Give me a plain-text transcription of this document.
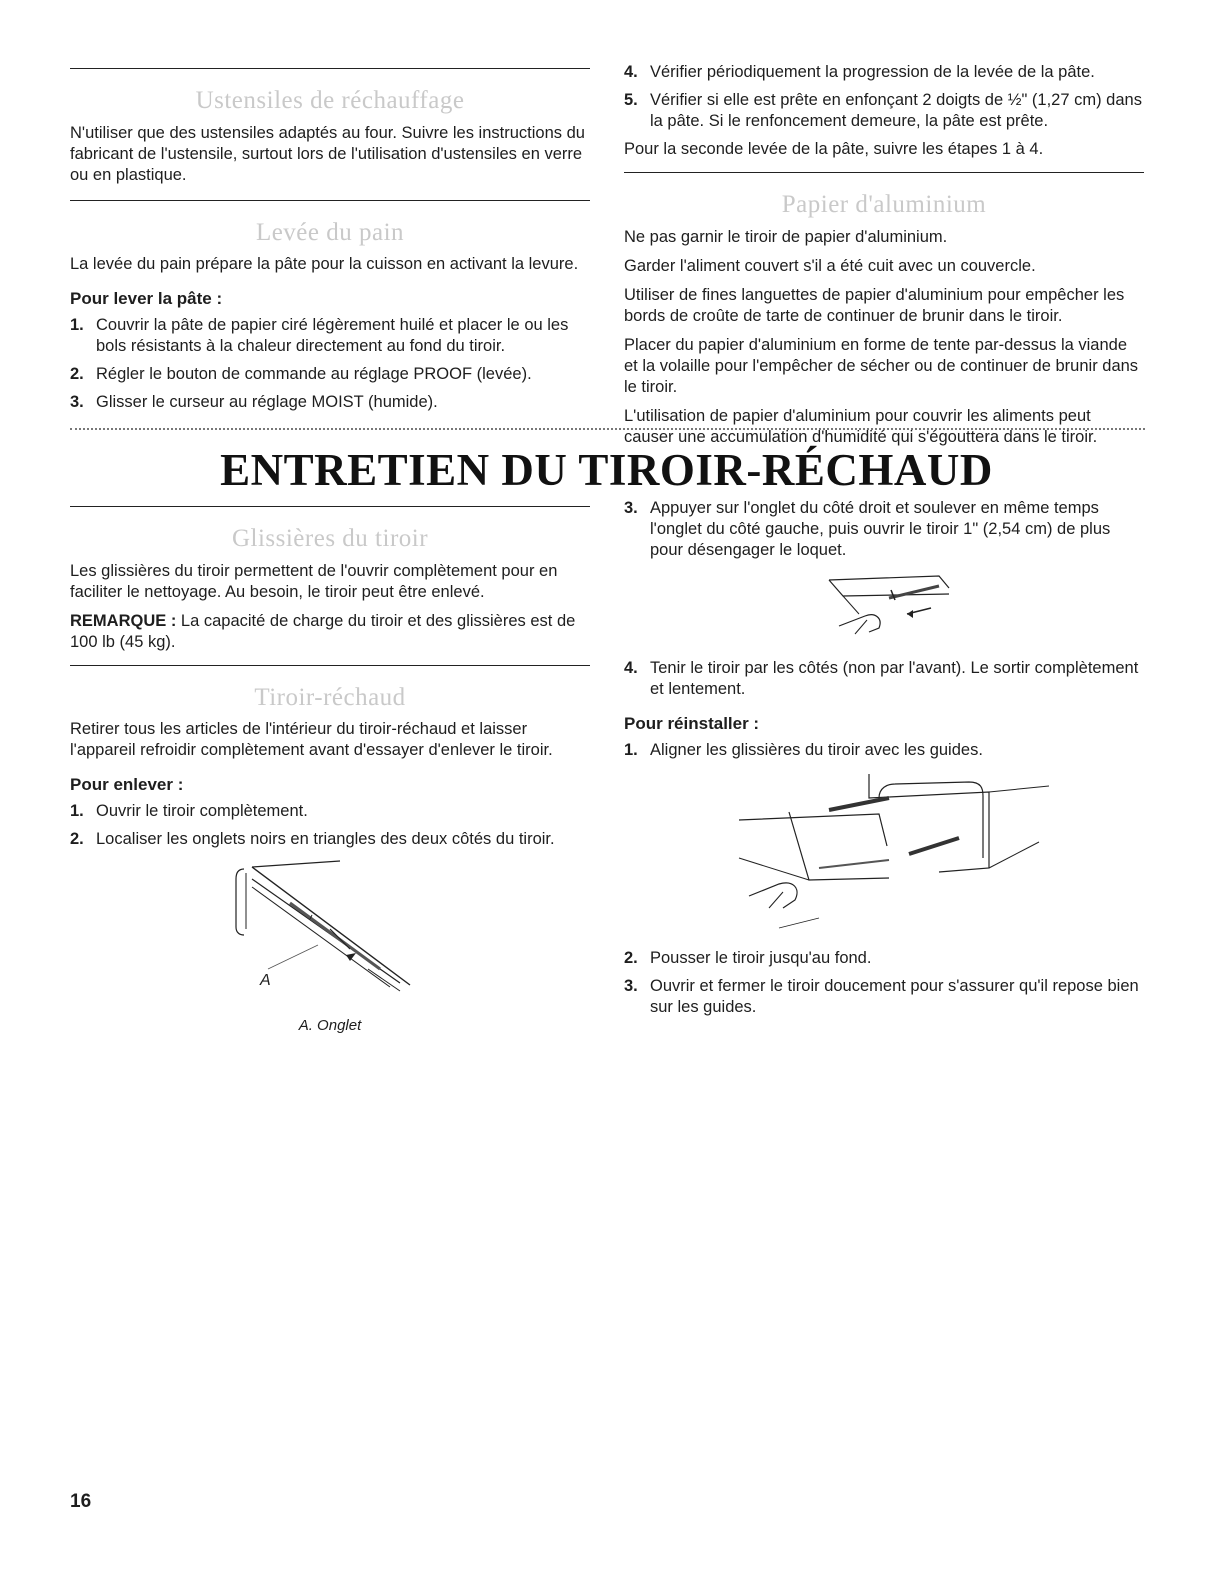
Ustensiles de réchauffage

N'utiliser que des ustensiles adaptés au four. Suivre les instructions du fabricant de l'ustensile, surtout lors de l'utilisation d'ustensiles en verre ou en plastique.

Levée du pain

La levée du pain prépare la pâte pour la cuisson en activant la levure.

Pour lever la pâte :
1. Couvrir la pâte de papier ciré légèrement huilé et placer le ou les bols résistants à la chaleur directement au fond du tiroir.
2. Régler le bouton de commande au réglage PROOF (levée).
3. Glisser le curseur au réglage MOIST (humide).
4. Vérifier périodiquement la progression de la levée de la pâte.
5. Vérifier si elle est prête en enfonçant 2 doigts de ½" (1,27 cm) dans la pâte. Si le renfoncement demeure, la pâte est prête.

Pour la seconde levée de la pâte, suivre les étapes 1 à 4.

Papier d'aluminium

Ne pas garnir le tiroir de papier d'aluminium.

Garder l'aliment couvert s'il a été cuit avec un couvercle.

Utiliser de fines languettes de papier d'aluminium pour empêcher les bords de croûte de tarte de continuer de brunir dans le tiroir.

Placer du papier d'aluminium en forme de tente par-dessus la viande et la volaille pour l'empêcher de sécher ou de continuer de brunir dans le tiroir.

L'utilisation de papier d'aluminium pour couvrir les aliments peut causer une accumulation d'humidité qui s'égouttera dans le tiroir.

ENTRETIEN DU TIROIR-RÉCHAUD
Glissières du tiroir

Les glissières du tiroir permettent de l'ouvrir complètement pour en faciliter le nettoyage. Au besoin, le tiroir peut être enlevé.

REMARQUE : La capacité de charge du tiroir et des glissières est de 100 lb (45 kg).

Tiroir-réchaud

Retirer tous les articles de l'intérieur du tiroir-réchaud et laisser l'appareil refroidir complètement avant d'essayer d'enlever le tiroir.

Pour enlever :
1. Ouvrir le tiroir complètement.
2. Localiser les onglets noirs en triangles des deux côtés du tiroir.
A
A. Onglet
3. Appuyer sur l'onglet du côté droit et soulever en même temps l'onglet du côté gauche, puis ouvrir le tiroir 1" (2,54 cm) de plus pour désengager le loquet.
4. Tenir le tiroir par les côtés (non par l'avant). Le sortir complètement et lentement.
Pour réinstaller :
1. Aligner les glissières du tiroir avec les guides.
2. Pousser le tiroir jusqu'au fond.
3. Ouvrir et fermer le tiroir doucement pour s'assurer qu'il repose bien sur les guides.
16
